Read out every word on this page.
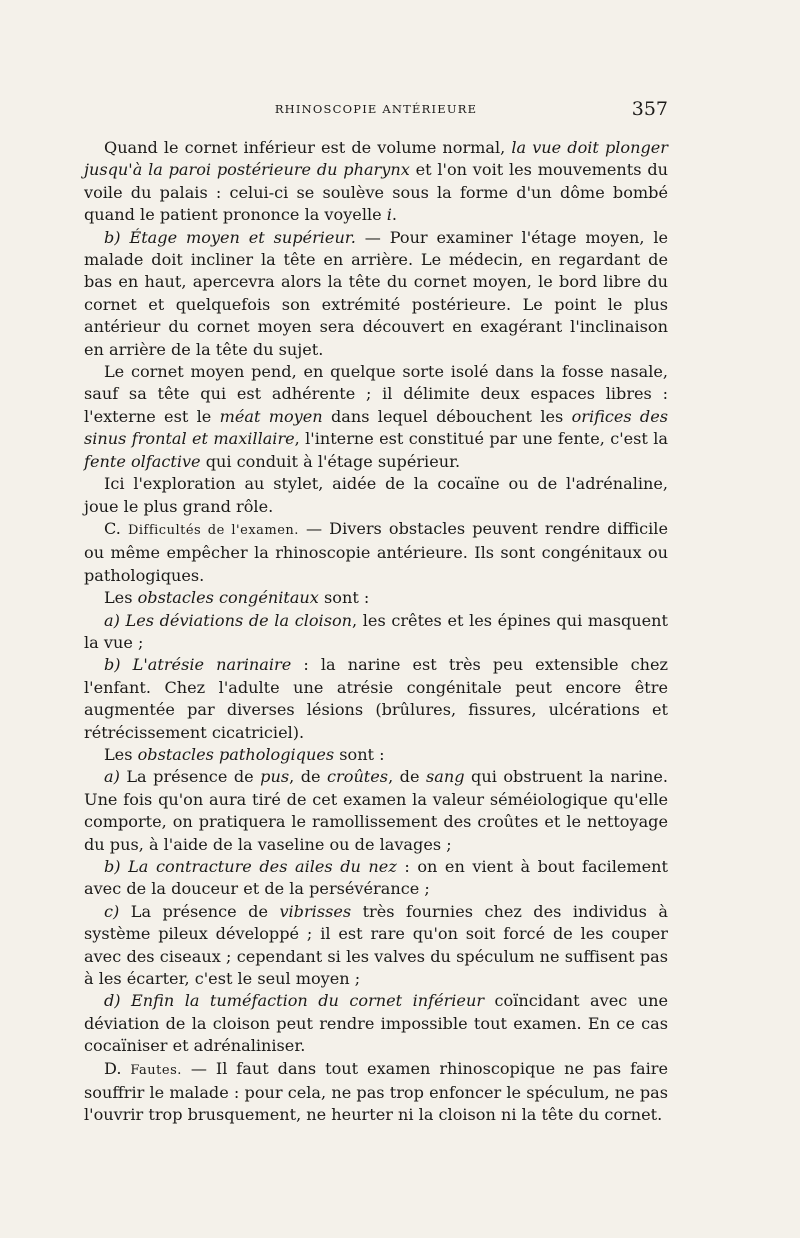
RHINOSCOPIE ANTÉRIEURE	357

Quand le cornet inférieur est de volume normal, la vue doit plonger jusqu'à la paroi postérieure du pharynx et l'on voit les mouvements du voile du palais : celui-ci se soulève sous la forme d'un dôme bombé quand le patient prononce la voyelle i.

b) Étage moyen et supérieur. — Pour examiner l'étage moyen, le malade doit incliner la tête en arrière. Le médecin, en regardant de bas en haut, apercevra alors la tête du cornet moyen, le bord libre du cornet et quelquefois son extrémité postérieure. Le point le plus antérieur du cornet moyen sera découvert en exagérant l'inclinaison en arrière de la tête du sujet.

Le cornet moyen pend, en quelque sorte isolé dans la fosse nasale, sauf sa tête qui est adhérente ; il délimite deux espaces libres : l'externe est le méat moyen dans lequel débouchent les orifices des sinus frontal et maxillaire, l'interne est constitué par une fente, c'est la fente olfactive qui conduit à l'étage supérieur.

Ici l'exploration au stylet, aidée de la cocaïne ou de l'adrénaline, joue le plus grand rôle.

C. Difficultés de l'examen. — Divers obstacles peuvent rendre difficile ou même empêcher la rhinoscopie antérieure. Ils sont congénitaux ou pathologiques.

Les obstacles congénitaux sont :

a) Les déviations de la cloison, les crêtes et les épines qui masquent la vue ;

b) L'atrésie narinaire : la narine est très peu extensible chez l'enfant. Chez l'adulte une atrésie congénitale peut encore être augmentée par diverses lésions (brûlures, fissures, ulcérations et rétrécissement cicatriciel).

Les obstacles pathologiques sont :

a) La présence de pus, de croûtes, de sang qui obstruent la narine. Une fois qu'on aura tiré de cet examen la valeur séméiologique qu'elle comporte, on pratiquera le ramollissement des croûtes et le nettoyage du pus, à l'aide de la vaseline ou de lavages ;

b) La contracture des ailes du nez : on en vient à bout facilement avec de la douceur et de la persévérance ;

c) La présence de vibrisses très fournies chez des individus à système pileux développé ; il est rare qu'on soit forcé de les couper avec des ciseaux ; cependant si les valves du spéculum ne suffisent pas à les écarter, c'est le seul moyen ;

d) Enfin la tuméfaction du cornet inférieur coïncidant avec une déviation de la cloison peut rendre impossible tout examen. En ce cas cocaïniser et adrénaliniser.

D. Fautes. — Il faut dans tout examen rhinoscopique ne pas faire souffrir le malade : pour cela, ne pas trop enfoncer le spéculum, ne pas l'ouvrir trop brusquement, ne heurter ni la cloison ni la tête du cornet.
